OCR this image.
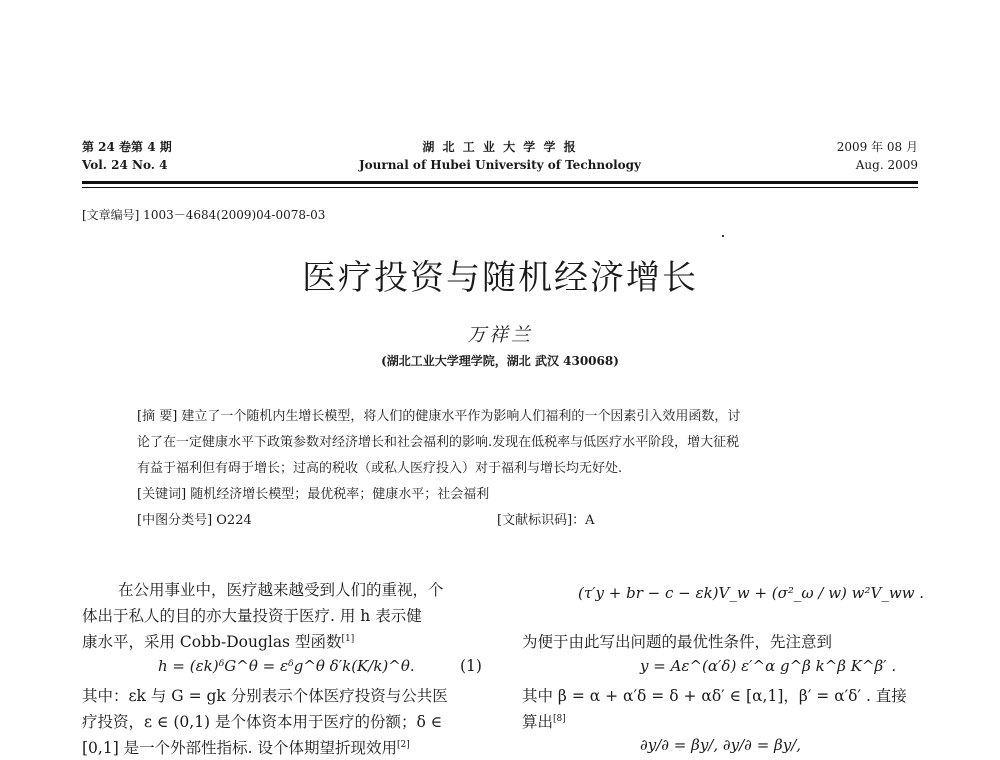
第 24 卷第 4 期
Vol. 24 No. 4
湖 北 工 业 大 学 学 报
Journal of Hubei University of Technology
2009 年 08 月
Aug. 2009
[文章编号] 1003－4684(2009)04-0078-03
医疗投资与随机经济增长
万祥兰
(湖北工业大学理学院，湖北 武汉 430068)
[摘 要] 建立了一个随机内生增长模型，将人们的健康水平作为影响人们福利的一个因素引入效用函数，讨
论了在一定健康水平下政策参数对经济增长和社会福利的影响.发现在低税率与低医疗水平阶段，增大征税
有益于福利但有碍于增长；过高的税收（或私人医疗投入）对于福利与增长均无好处.
[关键词] 随机经济增长模型；最优税率；健康水平；社会福利
[中图分类号] O224	[文献标识码]：A
在公用事业中，医疗越来越受到人们的重视，个
体出于私人的目的亦大量投资于医疗. 用 h 表示健
康水平，采用 Cobb-Douglas 型函数[1]
h = (εk)ᵟG^θ = εᵟg^θ δ′k(K/k)^θ.	(1)
其中：εk 与 G = gk 分别表示个体医疗投资与公共医
疗投资，ε ∈ (0,1) 是个体资本用于医疗的份额；δ ∈
[0,1] 是一个外部性指标. 设个体期望折现效用[2]
(τ′y + br − c − εk)V_w + (σ²_ω / w) w²V_ww .
为便于由此写出问题的最优性条件，先注意到
y = Aε^(α′δ) ε′^α g^β k^β K^β′ .
其中 β = α + α′δ = δ + αδ′ ∈ [α,1]，β′ = α′δ′ . 直接
算出[8]
∂y/∂ = βy/, ∂y/∂ = βy/,
